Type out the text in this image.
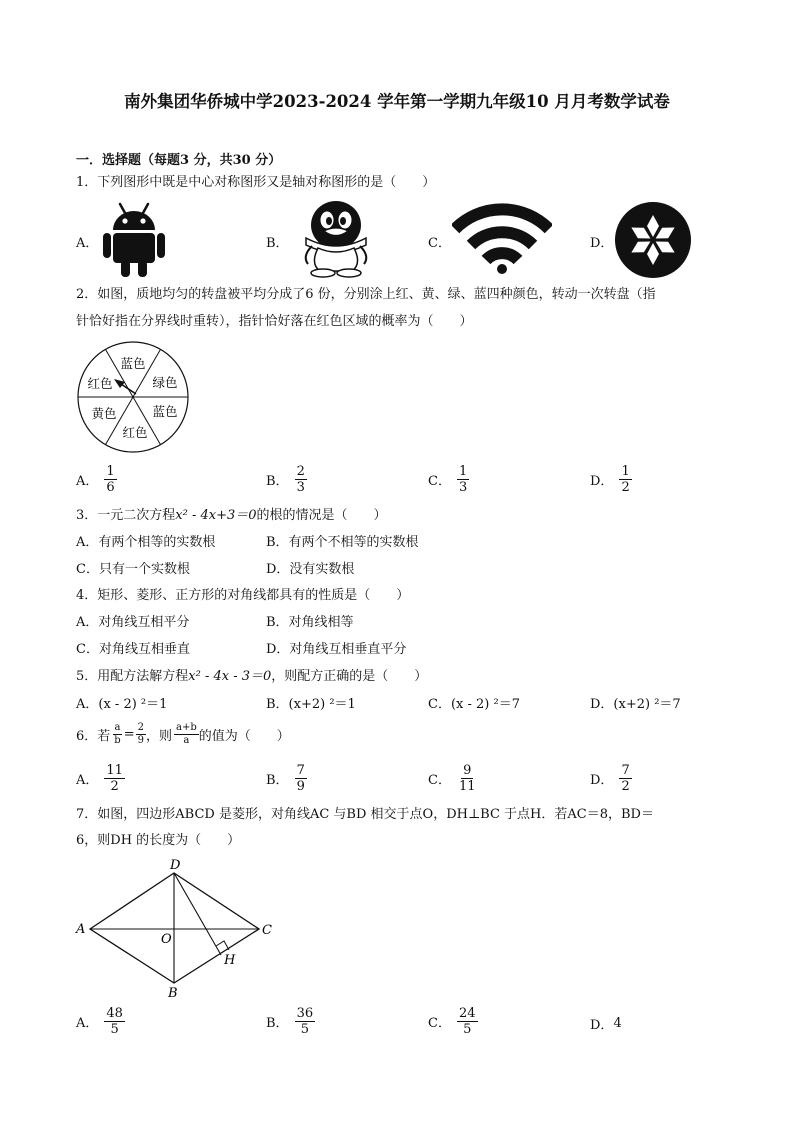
南外集团华侨城中学2023-2024 学年第一学期九年级10 月月考数学试卷
一．选择题（每题3 分，共30 分）
1．下列图形中既是中心对称图形又是轴对称图形的是（　　）
A．	B．	C．	D．
2．如图，质地均匀的转盘被平均分成了6 份，分别涂上红、黄、绿、蓝四种颜色，转动一次转盘（指
针恰好指在分界线时重转），指针恰好落在红色区域的概率为（　　）
蓝色
绿色
蓝色
红色
黄色
红色
A． $\frac{1}{6}$	B． $\frac{2}{3}$	C． $\frac{1}{3}$	D． $\frac{1}{2}$
3．一元二次方程x² - 4x+3＝0的根的情况是（　　）
A．有两个相等的实数根	B．有两个不相等的实数根
C．只有一个实数根	D．没有实数根
4．矩形、菱形、正方形的对角线都具有的性质是（　　）
A．对角线互相平分	B．对角线相等
C．对角线互相垂直	D．对角线互相垂直平分
5．用配方法解方程x² - 4x - 3＝0，则配方正确的是（　　）
A．(x - 2) ²＝1	B．(x+2) ²＝1	C．(x - 2) ²＝7	D．(x+2) ²＝7
6．若 $\frac{a}{b} = \frac{2}{9}$ ，则 $\frac{a+b}{a}$ 的值为（　　）
A． $\frac{11}{2}$	B． $\frac{7}{9}$	C． $\frac{9}{11}$	D． $\frac{7}{2}$
7．如图，四边形ABCD 是菱形，对角线AC 与BD 相交于点O，DH⊥BC 于点H．若AC＝8，BD＝
6，则DH 的长度为（　　）
A
B
C
D
O
H
A． $\frac{48}{5}$	B． $\frac{36}{5}$	C． $\frac{24}{5}$	D． 4
